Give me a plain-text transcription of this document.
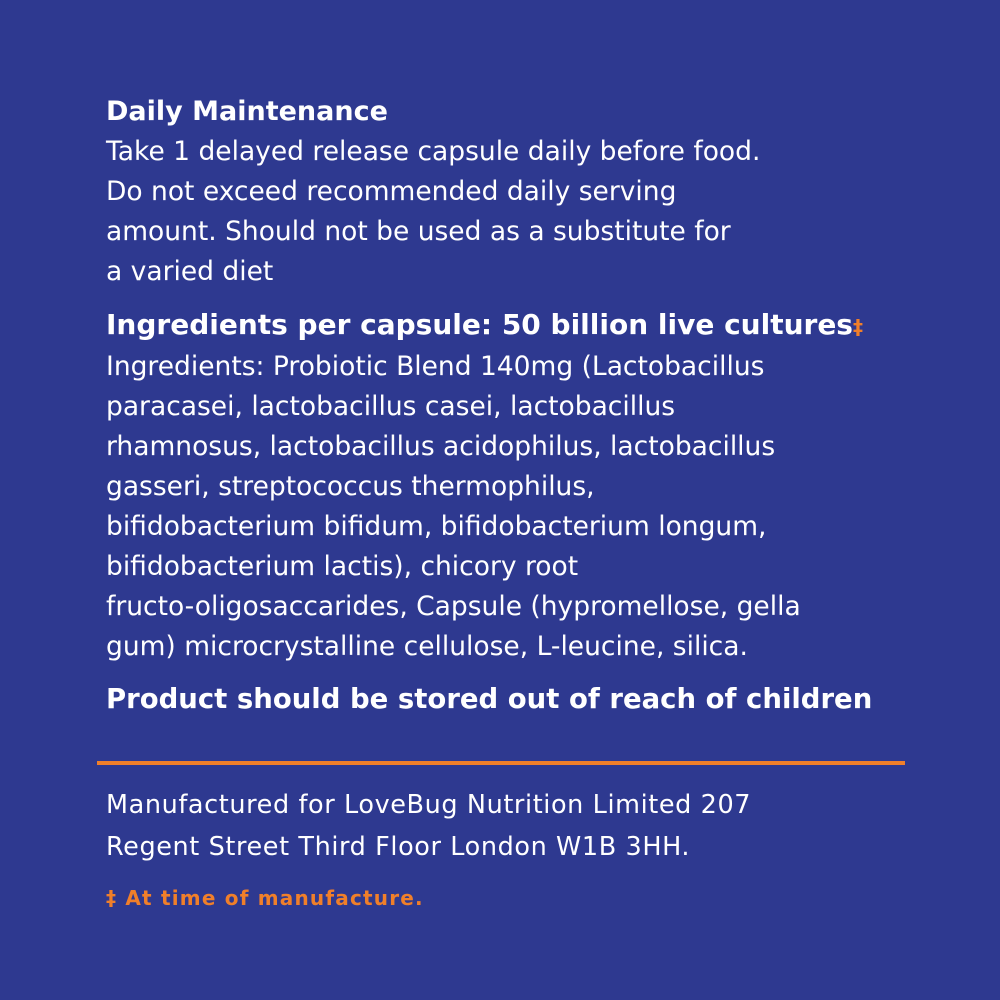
Daily Maintenance
Take 1 delayed release capsule daily before food.
Do not exceed recommended daily serving
amount. Should not be used as a substitute for
a varied diet
Ingredients per capsule: 50 billion live cultures‡
Ingredients: Probiotic Blend 140mg (Lactobacillus
paracasei, lactobacillus casei, lactobacillus
rhamnosus, lactobacillus acidophilus, lactobacillus
gasseri, streptococcus thermophilus,
bifidobacterium bifidum, bifidobacterium longum,
bifidobacterium lactis), chicory root
fructo-oligosaccarides, Capsule (hypromellose, gella
gum) microcrystalline cellulose, L-leucine, silica.
Product should be stored out of reach of children
Manufactured for LoveBug Nutrition Limited 207
Regent Street Third Floor London W1B 3HH.
‡ At time of manufacture.
